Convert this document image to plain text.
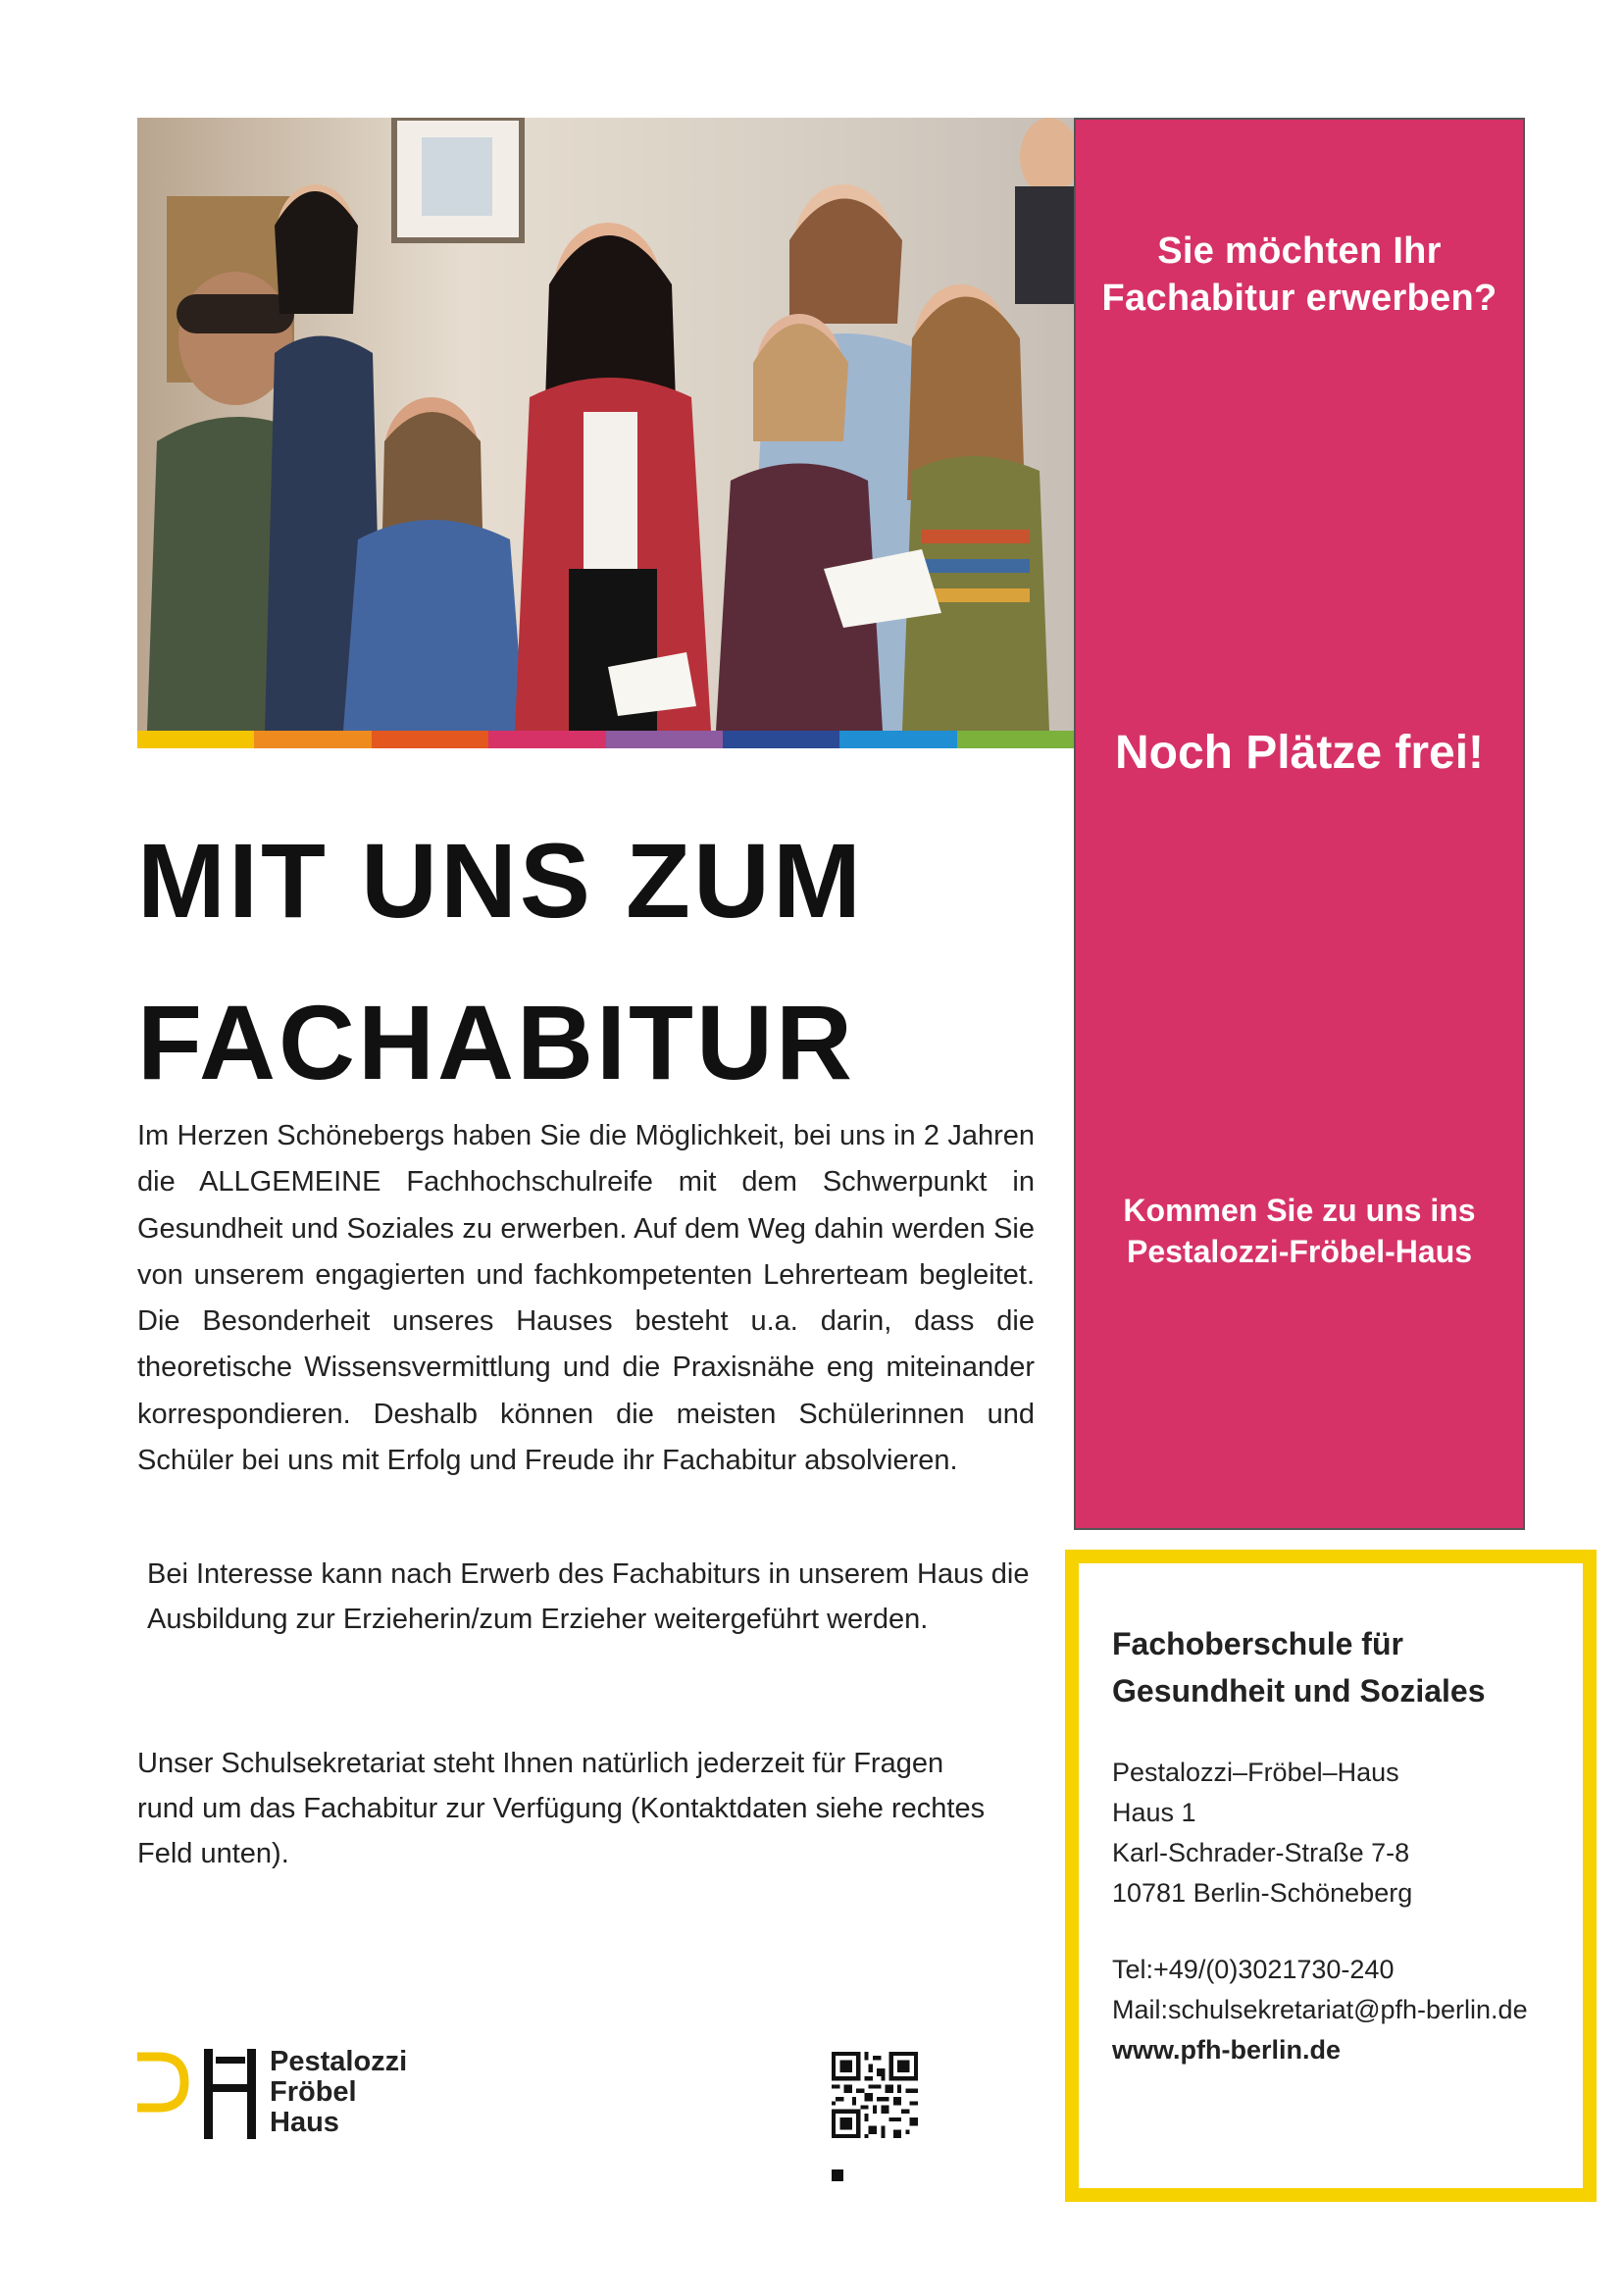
Sie möchten Ihr
Fachabitur erwerben?
Noch Plätze frei!
Kommen Sie zu uns ins
Pestalozzi-Fröbel-Haus
MIT UNS ZUM
FACHABITUR
Im Herzen Schönebergs haben Sie die Möglichkeit, bei uns in 2 Jahren die ALLGEMEINE Fachhochschulreife mit dem Schwerpunkt in Gesundheit und Soziales zu erwerben. Auf dem Weg dahin werden Sie von unserem engagierten und fachkompetenten Lehrerteam begleitet. Die Besonderheit unseres Hauses besteht u.a. darin, dass die theoretische Wissensvermittlung und die Praxisnähe eng miteinander korrespondieren. Deshalb können die meisten Schülerinnen und Schüler bei uns mit Erfolg und Freude ihr Fachabitur absolvieren.
Bei Interesse kann nach Erwerb des Fachabiturs in unserem Haus die Ausbildung zur Erzieherin/zum Erzieher weitergeführt werden.
Unser Schulsekretariat steht Ihnen natürlich jederzeit für Fragen rund um das Fachabitur zur Verfügung (Kontaktdaten siehe rechtes Feld unten).
Pestalozzi
Fröbel
Haus
Fachoberschule für
Gesundheit und Soziales
Pestalozzi–Fröbel–Haus
Haus 1
Karl-Schrader-Straße 7-8
10781 Berlin-Schöneberg
Tel:+49/(0)3021730-240
Mail:schulsekretariat@pfh-berlin.de
www.pfh-berlin.de
